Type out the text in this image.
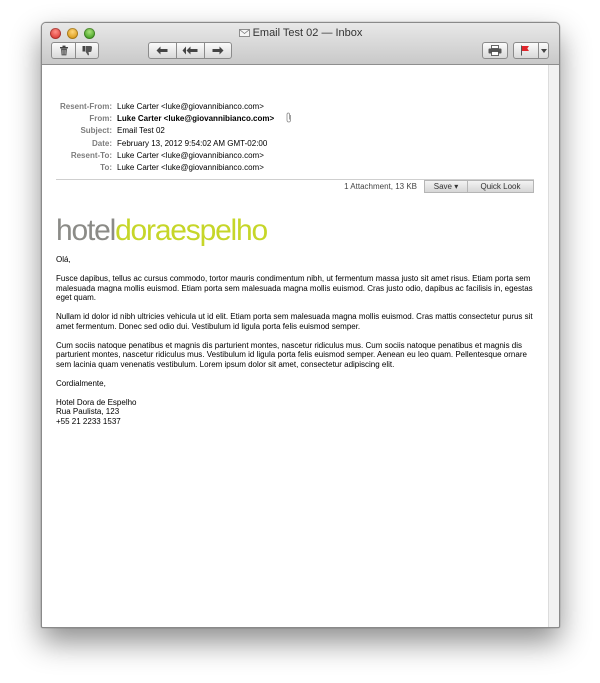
Email Test 02 — Inbox
Resent-From: Luke Carter <luke@giovannibianco.com>
From: Luke Carter <luke@giovannibianco.com>
Subject: Email Test 02
Date: February 13, 2012 9:54:02 AM GMT-02:00
Resent-To: Luke Carter <luke@giovannibianco.com>
To: Luke Carter <luke@giovannibianco.com>
1 Attachment, 13 KB	Save ▾	Quick Look
hoteldoraespelho

Olá,

Fusce dapibus, tellus ac cursus commodo, tortor mauris condimentum nibh, ut fermentum massa justo sit amet risus. Etiam porta sem malesuada magna mollis euismod. Etiam porta sem malesuada magna mollis euismod. Cras justo odio, dapibus ac facilisis in, egestas eget quam.

Nullam id dolor id nibh ultricies vehicula ut id elit. Etiam porta sem malesuada magna mollis euismod. Cras mattis consectetur purus sit amet fermentum. Donec sed odio dui. Vestibulum id ligula porta felis euismod semper.

Cum sociis natoque penatibus et magnis dis parturient montes, nascetur ridiculus mus. Cum sociis natoque penatibus et magnis dis parturient montes, nascetur ridiculus mus. Vestibulum id ligula porta felis euismod semper. Aenean eu leo quam. Pellentesque ornare sem lacinia quam venenatis vestibulum. Lorem ipsum dolor sit amet, consectetur adipiscing elit.

Cordialmente,

Hotel Dora de Espelho
Rua Paulista, 123
+55 21 2233 1537
